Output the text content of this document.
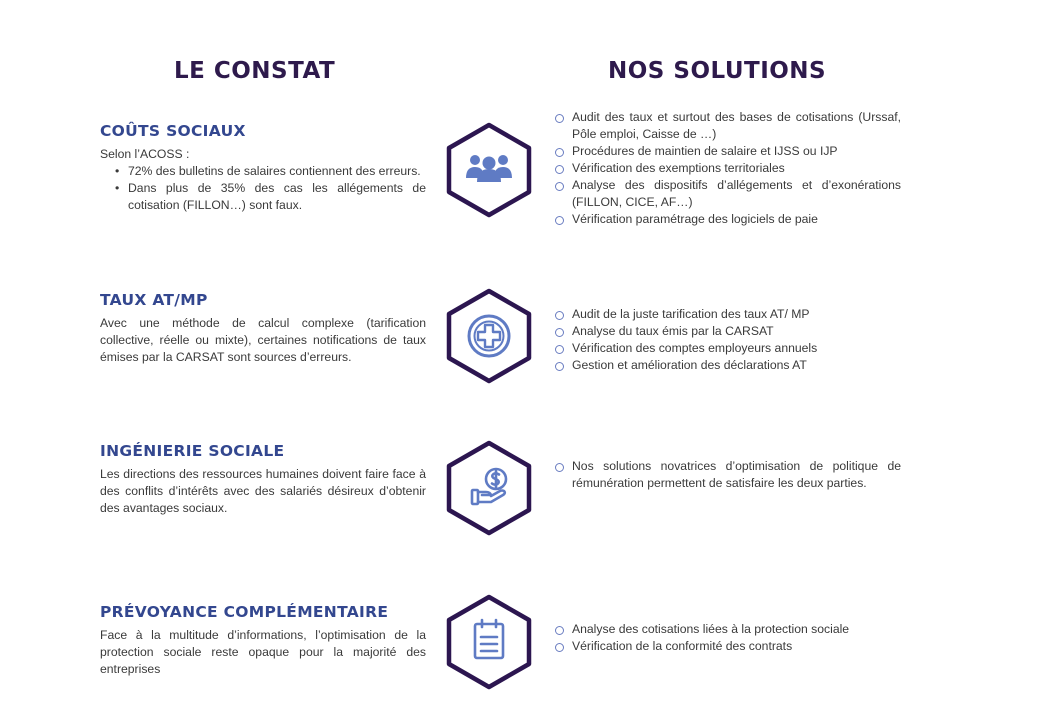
LE CONSTAT	NOS SOLUTIONS
COÛTS SOCIAUX
Selon l’ACOSS :
• 72% des bulletins de salaires contiennent des erreurs.
• Dans plus de 35% des cas les allégements de cotisation (FILLON…) sont faux.
Audit des taux et surtout des bases de cotisations (Urssaf, Pôle emploi, Caisse de …)
Procédures de maintien de salaire et IJSS ou IJP
Vérification des exemptions territoriales
Analyse des dispositifs d’allégements et d’exonérations (FILLON, CICE, AF…)
Vérification paramétrage des logiciels de paie
TAUX AT/MP
Avec une méthode de calcul complexe (tarification collective, réelle ou mixte), certaines notifications de taux émises par la CARSAT sont sources d’erreurs.
Audit de la juste tarification des taux AT/ MP
Analyse du taux émis par la CARSAT
Vérification des comptes employeurs annuels
Gestion et amélioration des déclarations AT
INGÉNIERIE SOCIALE
Les directions des ressources humaines doivent faire face à des conflits d’intérêts avec des salariés désireux d’obtenir des avantages sociaux.
Nos solutions novatrices d’optimisation de politique de rémunération permettent de satisfaire les deux parties.
PRÉVOYANCE COMPLÉMENTAIRE
Face à la multitude d’informations, l’optimisation de la protection sociale reste opaque pour la majorité des entreprises
Analyse des cotisations liées à la protection sociale
Vérification de la conformité des contrats
